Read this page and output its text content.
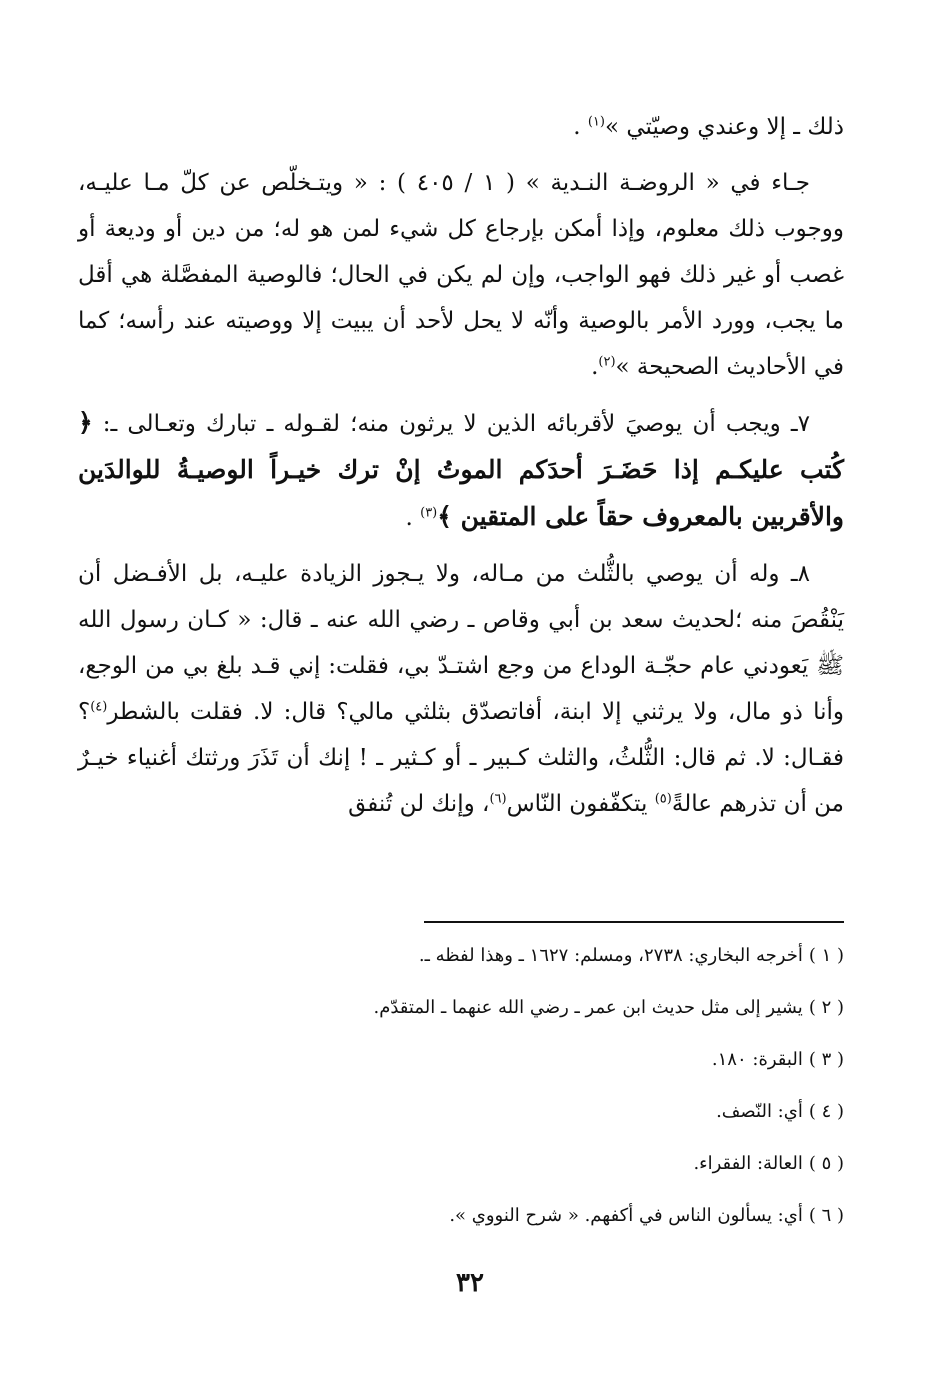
ذلك ـ إلا وعندي وصيّتي »$^{(١)}$ .

جـاء في « الروضـة النـدية » ( ١ / ٤٠٥ ) : « ويتـخلّص عن كلّ مـا عليـه، ووجوب ذلك معلوم، وإذا أمكن بإرجاع كل شيء لمن هو له؛ من دين أو وديعة أو غصب أو غير ذلك فهو الواجب، وإن لم يكن في الحال؛ فالوصية المفصَّلة هي أقل ما يجب، وورد الأمر بالوصية وأنّه لا يحل لأحد أن يبيت إلا ووصيته عند رأسه؛ كما في الأحاديث الصحيحة »$^{(٢)}$.

٧ـ ويجب أن يوصيَ لأقربائه الذين لا يرثون منه؛ لقـوله ـ تبارك وتعـالى ـ: ﴿ كُتب عليكـم إذا حَضَـرَ أحدَكم الموتُ إنْ ترك خيـراً الوصيـةُ للوالدَين والأقربين بالمعروف حقاً على المتقين ﴾$^{(٣)}$ .

٨ـ وله أن يوصي بالثُّلث من مـاله، ولا يـجوز الزيادة عليـه، بل الأفـضل أن يَنْقُصَ منه ؛لحديث سعد بن أبي وقاص ـ رضي الله عنه ـ قال: « كـان رسول الله ﷺ يَعودني عام حجّـة الوداع من وجع اشتـدّ بي، فقلت: إني قـد بلغ بي من الوجع، وأنا ذو مال، ولا يرثني إلا ابنة، أفاتصدّق بثلثي مالي؟ قال: لا. فقلت بالشطر$^{(٤)}$؟ فقـال: لا. ثم قال: الثُّلثُ، والثلث كـبير ـ أو كـثير ـ ! إنك أن تَذَرَ ورثتك أغنياء خيـرٌ من أن تذرهم عالةً$^{(٥)}$ يتكفّفون النّاس$^{(٦)}$، وإنك لن تُنفق

( ١ )أخرجه البخاري: ٢٧٣٨، ومسلم: ١٦٢٧ ـ وهذا لفظه ـ.
( ٢ )يشير إلى مثل حديث ابن عمر ـ رضي الله عنهما ـ المتقدّم.
( ٣ )البقرة: ١٨٠.
( ٤ )أي: النّصف.
( ٥ )العالة: الفقراء.
( ٦ )أي: يسألون الناس في أكفهم. « شرح النووي ».
٣٢
